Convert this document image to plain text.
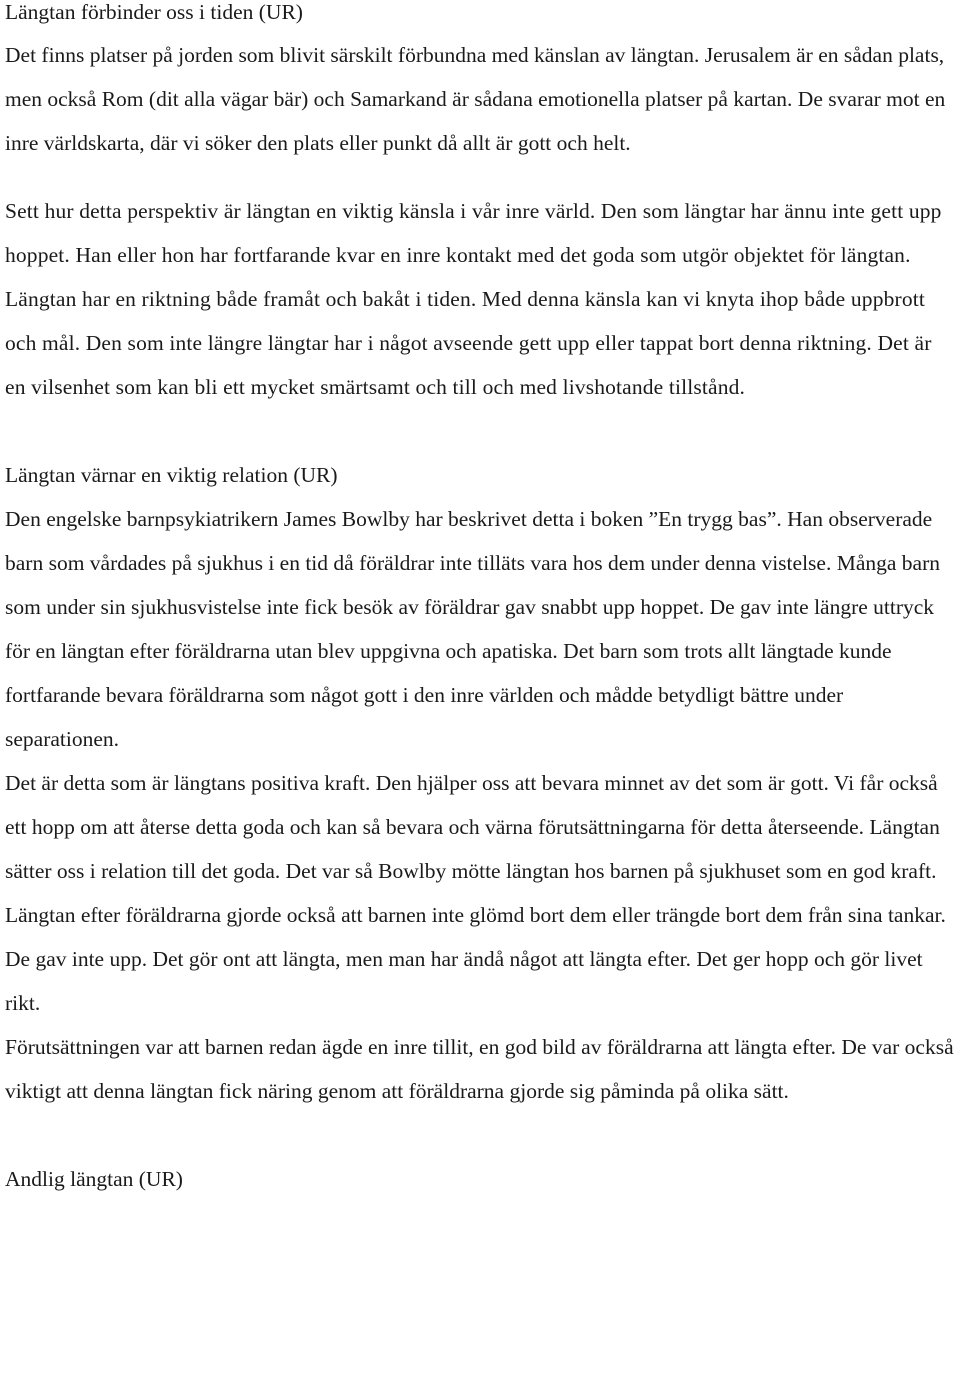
Längtan förbinder oss i tiden (UR)

Det finns platser på jorden som blivit särskilt förbundna med känslan av längtan. Jerusalem är en sådan plats, men också Rom (dit alla vägar bär) och Samarkand är sådana emotionella platser på kartan. De svarar mot en inre världskarta, där vi söker den plats eller punkt då allt är gott och helt.

Sett hur detta perspektiv är längtan en viktig känsla i vår inre värld. Den som längtar har ännu inte gett upp hoppet. Han eller hon har fortfarande kvar en inre kontakt med det goda som utgör objektet för längtan. Längtan har en riktning både framåt och bakåt i tiden. Med denna känsla kan vi knyta ihop både uppbrott och mål. Den som inte längre längtar har i något avseende gett upp eller tappat bort denna riktning. Det är en vilsenhet som kan bli ett mycket smärtsamt och till och med livshotande tillstånd.

Längtan värnar en viktig relation (UR)

Den engelske barnpsykiatrikern James Bowlby har beskrivet detta i boken ”En trygg bas”. Han observerade barn som vårdades på sjukhus i en tid då föräldrar inte tilläts vara hos dem under denna vistelse. Många barn som under sin sjukhusvistelse inte fick besök av föräldrar gav snabbt upp hoppet. De gav inte längre uttryck för en längtan efter föräldrarna utan blev uppgivna och apatiska. Det barn som trots allt längtade kunde fortfarande bevara föräldrarna som något gott i den inre världen och mådde betydligt bättre under separationen.

Det är detta som är längtans positiva kraft. Den hjälper oss att bevara minnet av det som är gott. Vi får också ett hopp om att återse detta goda och kan så bevara och värna förutsättningarna för detta återseende. Längtan sätter oss i relation till det goda. Det var så Bowlby mötte längtan hos barnen på sjukhuset som en god kraft. Längtan efter föräldrarna gjorde också att barnen inte glömd bort dem eller trängde bort dem från sina tankar. De gav inte upp. Det gör ont att längta, men man har ändå något att längta efter. Det ger hopp och gör livet rikt.

Förutsättningen var att barnen redan ägde en inre tillit, en god bild av föräldrarna att längta efter. De var också viktigt att denna längtan fick näring genom att föräldrarna gjorde sig påminda på olika sätt.

Andlig längtan (UR)
